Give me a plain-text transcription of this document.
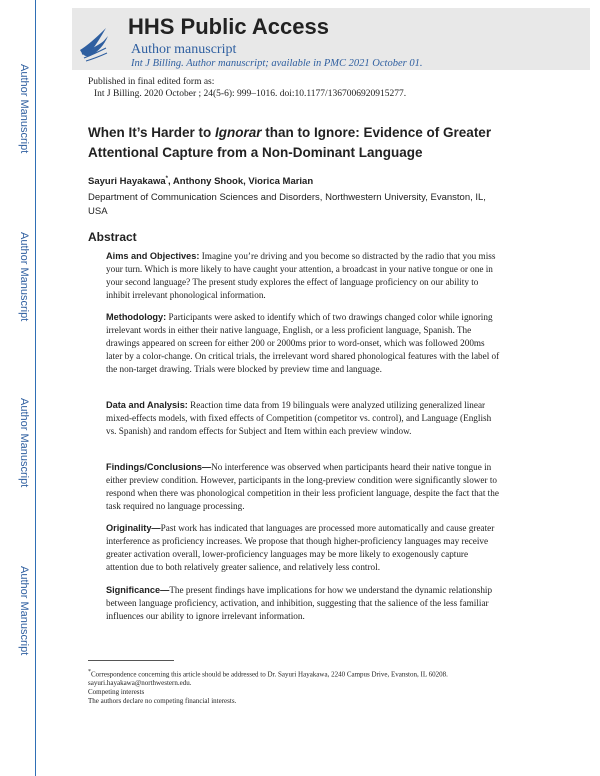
Author Manuscript
Author Manuscript
Author Manuscript
Author Manuscript
HHS Public Access
Author manuscript
Int J Billing. Author manuscript; available in PMC 2021 October 01.
Published in final edited form as:
Int J Billing. 2020 October ; 24(5-6): 999–1016. doi:10.1177/1367006920915277.
When It’s Harder to Ignorar than to Ignore: Evidence of Greater Attentional Capture from a Non-Dominant Language
Sayuri Hayakawa*, Anthony Shook, Viorica Marian
Department of Communication Sciences and Disorders, Northwestern University, Evanston, IL, USA
Abstract
Aims and Objectives: Imagine you’re driving and you become so distracted by the radio that you miss your turn. Which is more likely to have caught your attention, a broadcast in your native tongue or one in your second language? The present study explores the effect of language proficiency on our ability to inhibit irrelevant phonological information.
Methodology: Participants were asked to identify which of two drawings changed color while ignoring irrelevant words in either their native language, English, or a less proficient language, Spanish. The drawings appeared on screen for either 200 or 2000ms prior to word-onset, which was followed 200ms later by a color-change. On critical trials, the irrelevant word shared phonological features with the label of the non-target drawing. Trials were blocked by preview time and language.
Data and Analysis: Reaction time data from 19 bilinguals were analyzed utilizing generalized linear mixed-effects models, with fixed effects of Competition (competitor vs. control), and Language (English vs. Spanish) and random effects for Subject and Item within each preview window.
Findings/Conclusions—No interference was observed when participants heard their native tongue in either preview condition. However, participants in the long-preview condition were significantly slower to respond when there was phonological competition in their less proficient language, despite the fact that the task required no language processing.
Originality—Past work has indicated that languages are processed more automatically and cause greater interference as proficiency increases. We propose that though higher-proficiency languages may receive greater activation overall, lower-proficiency languages may be more likely to exogenously capture attention due to both relatively greater salience, and relatively less control.
Significance—The present findings have implications for how we understand the dynamic relationship between language proficiency, activation, and inhibition, suggesting that the salience of the less familiar influences our ability to ignore irrelevant information.
*Correspondence concerning this article should be addressed to Dr. Sayuri Hayakawa, 2240 Campus Drive, Evanston, IL 60208. sayuri.hayakawa@northwestern.edu.
Competing interests
The authors declare no competing financial interests.
